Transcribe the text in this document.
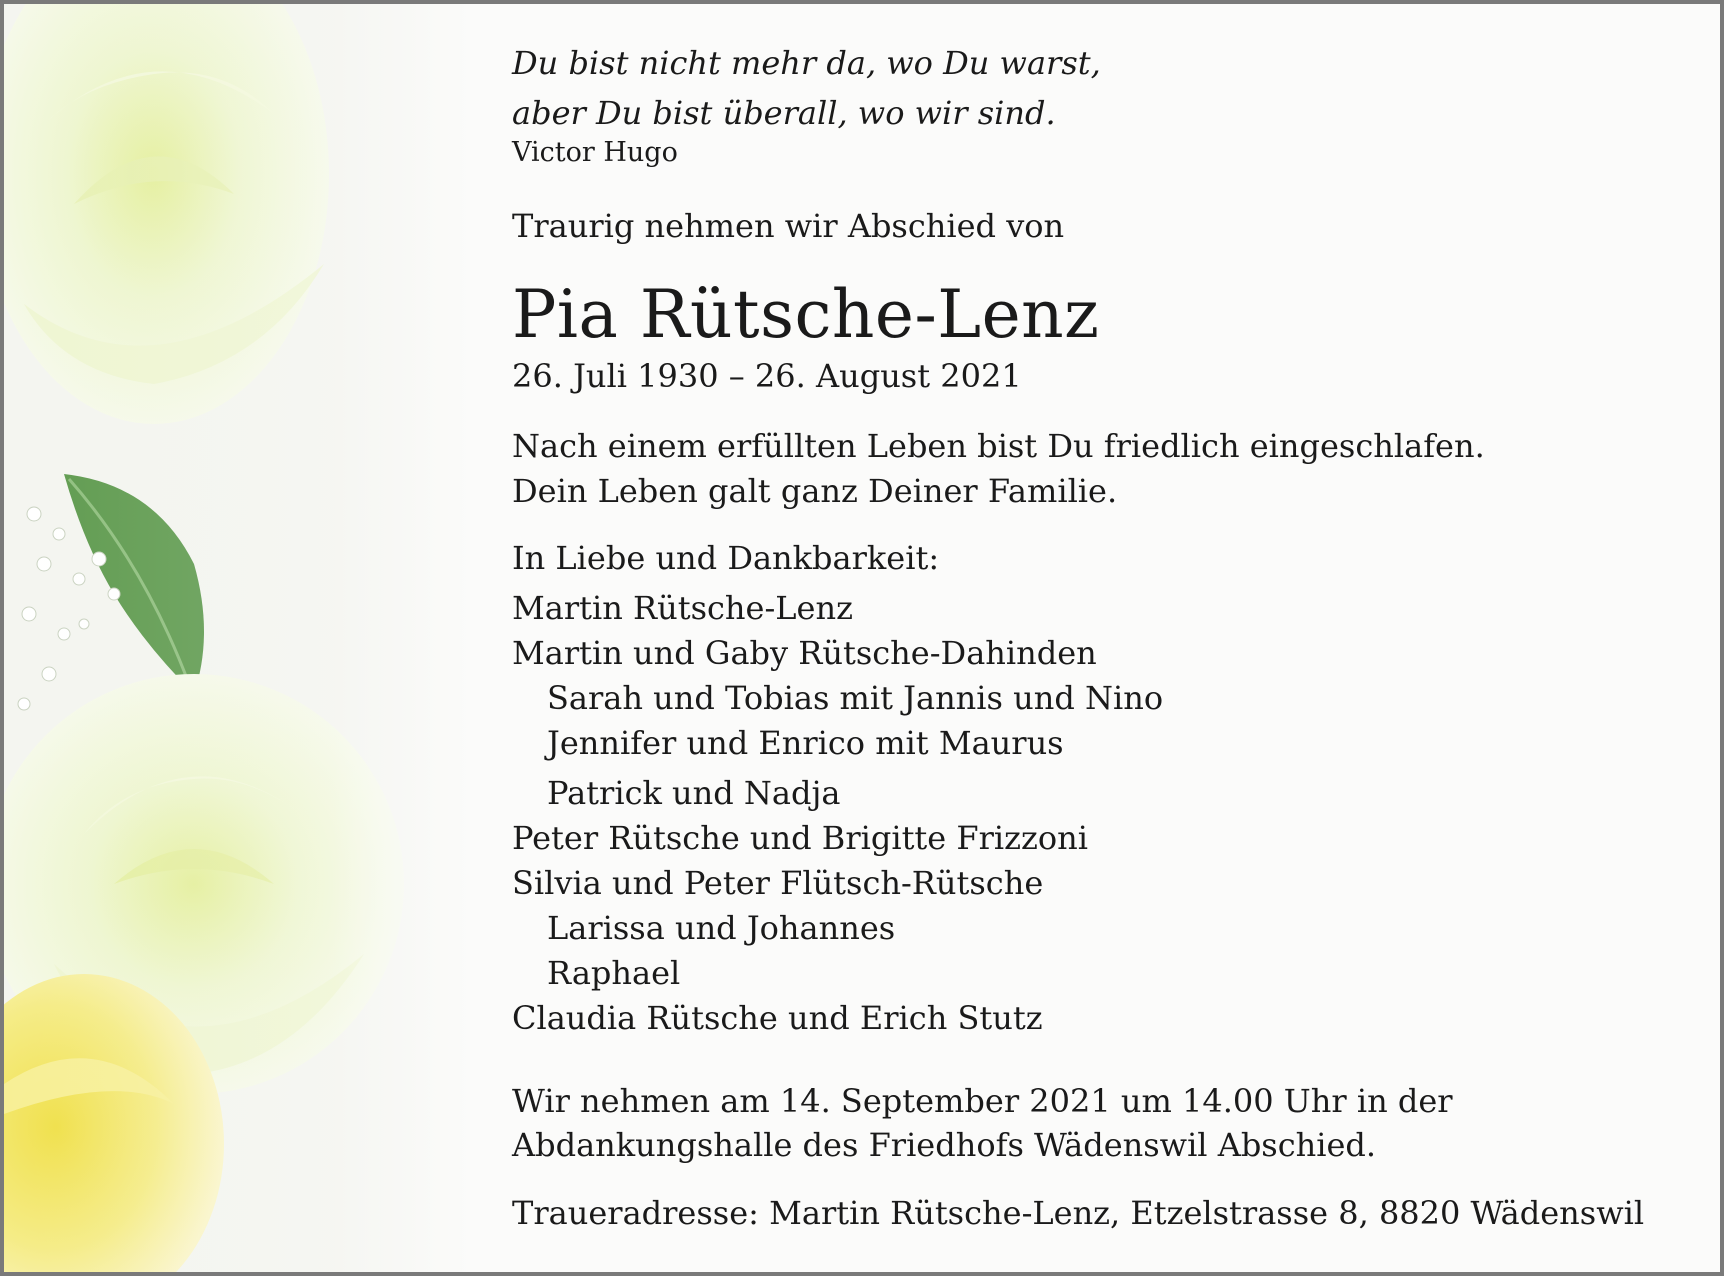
Du bist nicht mehr da, wo Du warst,
aber Du bist überall, wo wir sind.
Victor Hugo
Traurig nehmen wir Abschied von
Pia Rütsche-Lenz
26. Juli 1930 – 26. August 2021
Nach einem erfüllten Leben bist Du friedlich eingeschlafen.
Dein Leben galt ganz Deiner Familie.
In Liebe und Dankbarkeit:
Martin Rütsche-Lenz
Martin und Gaby Rütsche-Dahinden
Sarah und Tobias mit Jannis und Nino
Jennifer und Enrico mit Maurus
Patrick und Nadja
Peter Rütsche und Brigitte Frizzoni
Silvia und Peter Flütsch-Rütsche
Larissa und Johannes
Raphael
Claudia Rütsche und Erich Stutz
Wir nehmen am 14. September 2021 um 14.00 Uhr in der
Abdankungshalle des Friedhofs Wädenswil Abschied.
Traueradresse: Martin Rütsche-Lenz, Etzelstrasse 8, 8820 Wädenswil
